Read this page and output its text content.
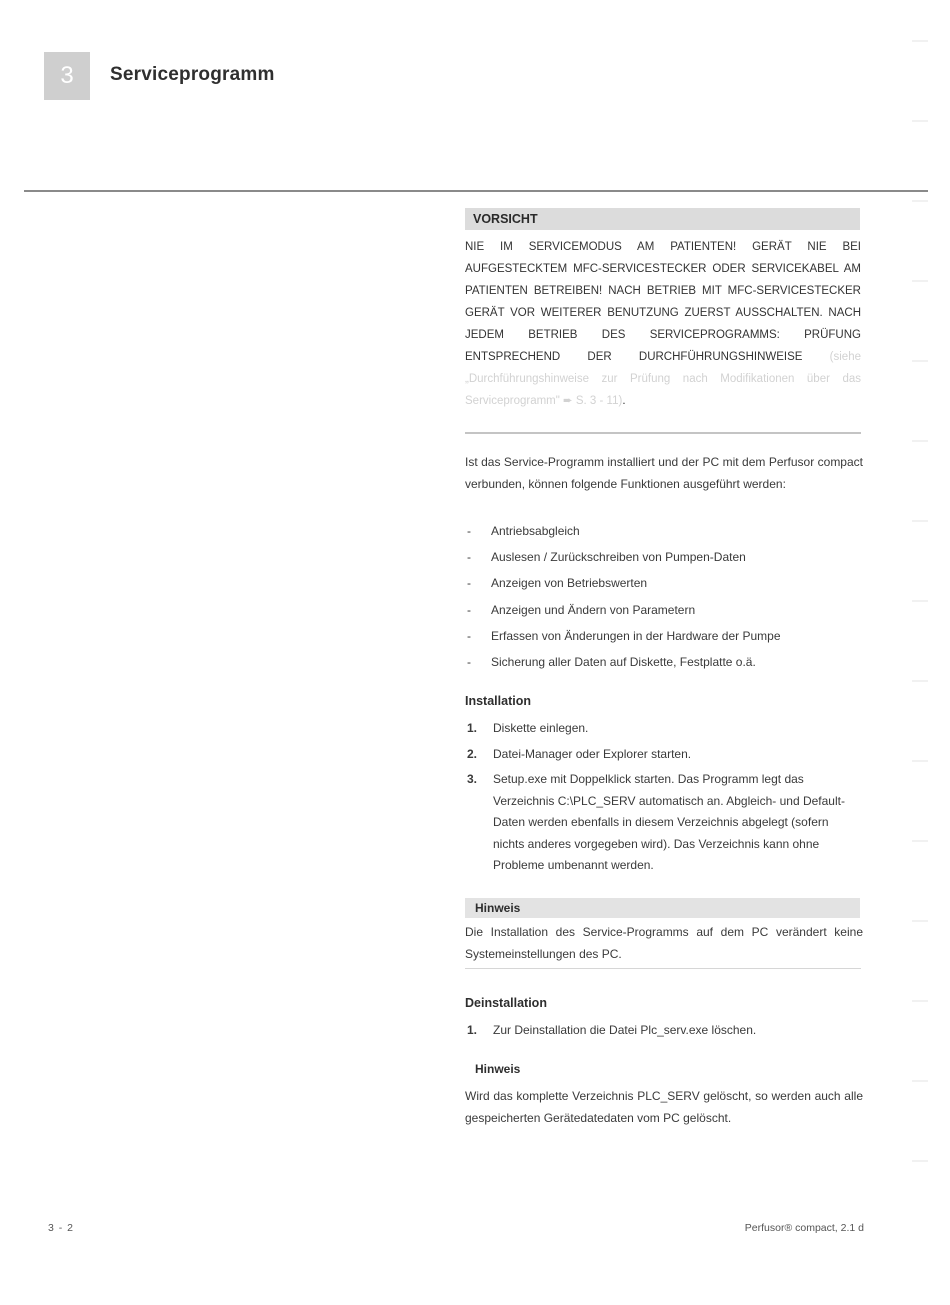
3	Serviceprogramm
VORSICHT
NIE IM SERVICEMODUS AM PATIENTEN! GERÄT NIE BEI AUFGESTECKTEM MFC-SERVICESTECKER ODER SERVICEKABEL AM PATIENTEN BETREIBEN! NACH BETRIEB MIT MFC-SERVICESTECKER GERÄT VOR WEITERER BENUTZUNG ZUERST AUSSCHALTEN. NACH JEDEM BETRIEB DES SERVICEPROGRAMMS: PRÜFUNG ENTSPRECHEND DER DURCHFÜHRUNGSHINWEISE (siehe „Durchführungshinweise zur Prüfung nach Modifikationen über das Serviceprogramm" ➨ S. 3 - 11).
Ist das Service-Programm installiert und der PC mit dem Perfusor compact verbunden, können folgende Funktionen ausgeführt werden:
- Antriebsabgleich
- Auslesen / Zurückschreiben von Pumpen-Daten
- Anzeigen von Betriebswerten
- Anzeigen und Ändern von Parametern
- Erfassen von Änderungen in der Hardware der Pumpe
- Sicherung aller Daten auf Diskette, Festplatte o.ä.
Installation
1. Diskette einlegen.
2. Datei-Manager oder Explorer starten.
3. Setup.exe mit Doppelklick starten. Das Programm legt das Verzeichnis C:\PLC_SERV automatisch an. Abgleich- und Default-Daten werden ebenfalls in diesem Verzeichnis abgelegt (sofern nichts anderes vorgegeben wird). Das Verzeichnis kann ohne Probleme umbenannt werden.
Hinweis
Die Installation des Service-Programms auf dem PC verändert keine Systemeinstellungen des PC.
Deinstallation
1. Zur Deinstallation die Datei Plc_serv.exe löschen.
Hinweis
Wird das komplette Verzeichnis PLC_SERV gelöscht, so werden auch alle gespeicherten Gerätedatedaten vom PC gelöscht.
3 - 2	Perfusor® compact, 2.1 d
